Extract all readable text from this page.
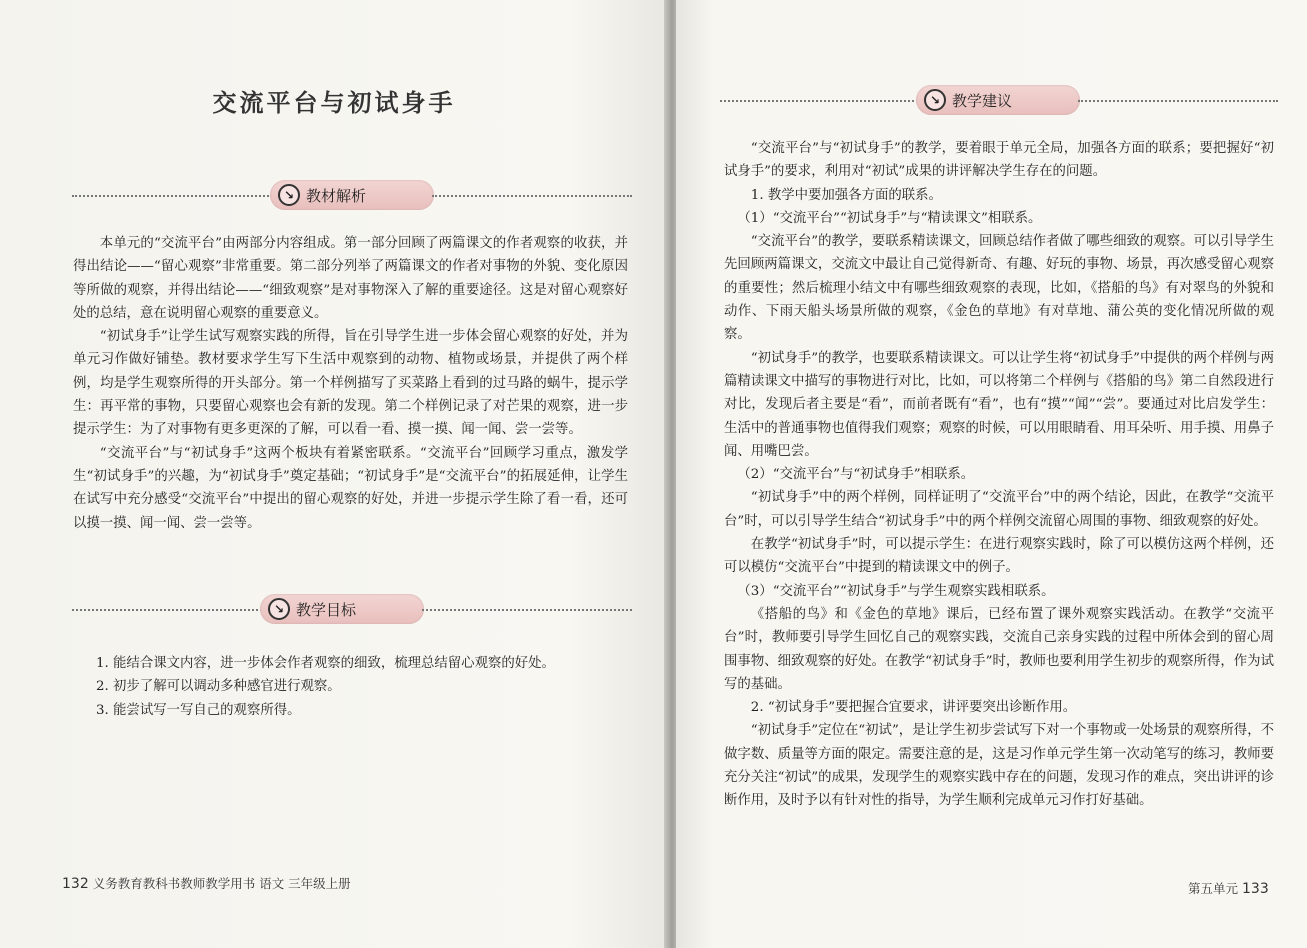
交流平台与初试身手
↘ 教材解析

本单元的“交流平台”由两部分内容组成。第一部分回顾了两篇课文的作者观察的收获，并得出结论——“留心观察”非常重要。第二部分列举了两篇课文的作者对事物的外貌、变化原因等所做的观察，并得出结论——“细致观察”是对事物深入了解的重要途径。这是对留心观察好处的总结，意在说明留心观察的重要意义。

“初试身手”让学生试写观察实践的所得，旨在引导学生进一步体会留心观察的好处，并为单元习作做好铺垫。教材要求学生写下生活中观察到的动物、植物或场景，并提供了两个样例，均是学生观察所得的开头部分。第一个样例描写了买菜路上看到的过马路的蜗牛，提示学生：再平常的事物，只要留心观察也会有新的发现。第二个样例记录了对芒果的观察，进一步提示学生：为了对事物有更多更深的了解，可以看一看、摸一摸、闻一闻、尝一尝等。

“交流平台”与“初试身手”这两个板块有着紧密联系。“交流平台”回顾学习重点，激发学生“初试身手”的兴趣，为“初试身手”奠定基础；“初试身手”是“交流平台”的拓展延伸，让学生在试写中充分感受“交流平台”中提出的留心观察的好处，并进一步提示学生除了看一看，还可以摸一摸、闻一闻、尝一尝等。

↘ 教学目标

1. 能结合课文内容，进一步体会作者观察的细致，梳理总结留心观察的好处。

2. 初步了解可以调动多种感官进行观察。

3. 能尝试写一写自己的观察所得。

132 义务教育教科书教师教学用书 语文 三年级上册
↘ 教学建议

“交流平台”与“初试身手”的教学，要着眼于单元全局，加强各方面的联系；要把握好“初试身手”的要求，利用对“初试”成果的讲评解决学生存在的问题。

1. 教学中要加强各方面的联系。

（1）“交流平台”“初试身手”与“精读课文”相联系。

“交流平台”的教学，要联系精读课文，回顾总结作者做了哪些细致的观察。可以引导学生先回顾两篇课文，交流文中最让自己觉得新奇、有趣、好玩的事物、场景，再次感受留心观察的重要性；然后梳理小结文中有哪些细致观察的表现，比如，《搭船的鸟》有对翠鸟的外貌和动作、下雨天船头场景所做的观察，《金色的草地》有对草地、蒲公英的变化情况所做的观察。

“初试身手”的教学，也要联系精读课文。可以让学生将“初试身手”中提供的两个样例与两篇精读课文中描写的事物进行对比，比如，可以将第二个样例与《搭船的鸟》第二自然段进行对比，发现后者主要是“看”，而前者既有“看”，也有“摸”“闻”“尝”。要通过对比启发学生：生活中的普通事物也值得我们观察；观察的时候，可以用眼睛看、用耳朵听、用手摸、用鼻子闻、用嘴巴尝。

（2）“交流平台”与“初试身手”相联系。

“初试身手”中的两个样例，同样证明了“交流平台”中的两个结论，因此，在教学“交流平台”时，可以引导学生结合“初试身手”中的两个样例交流留心周围的事物、细致观察的好处。

在教学“初试身手”时，可以提示学生：在进行观察实践时，除了可以模仿这两个样例，还可以模仿“交流平台”中提到的精读课文中的例子。

（3）“交流平台”“初试身手”与学生观察实践相联系。

《搭船的鸟》和《金色的草地》课后，已经布置了课外观察实践活动。在教学“交流平台”时，教师要引导学生回忆自己的观察实践，交流自己亲身实践的过程中所体会到的留心周围事物、细致观察的好处。在教学“初试身手”时，教师也要利用学生初步的观察所得，作为试写的基础。

2. “初试身手”要把握合宜要求，讲评要突出诊断作用。

“初试身手”定位在“初试”，是让学生初步尝试写下对一个事物或一处场景的观察所得，不做字数、质量等方面的限定。需要注意的是，这是习作单元学生第一次动笔写的练习，教师要充分关注“初试”的成果，发现学生的观察实践中存在的问题，发现习作的难点，突出讲评的诊断作用，及时予以有针对性的指导，为学生顺利完成单元习作打好基础。

第五单元 133
